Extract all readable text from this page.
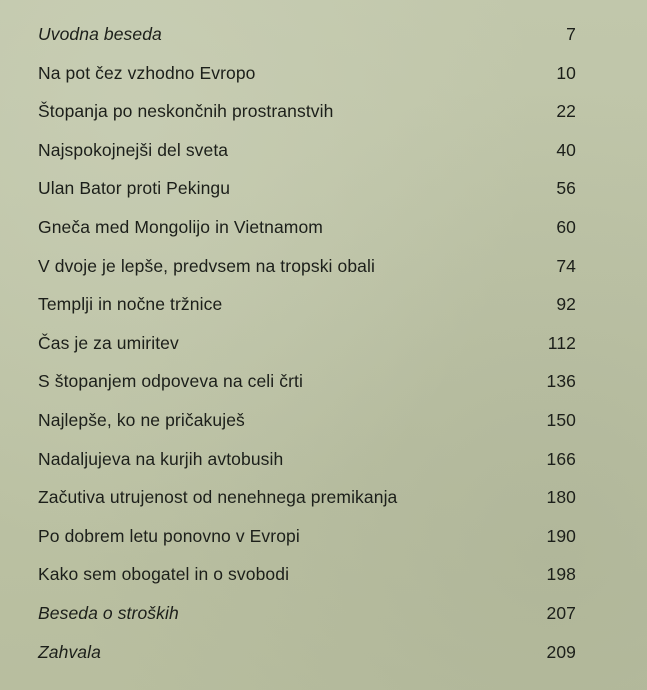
Uvodna beseda	7
Na pot čez vzhodno Evropo	10
Štopanja po neskončnih prostranstvih	22
Najspokojnejši del sveta	40
Ulan Bator proti Pekingu	56
Gneča med Mongolijo in Vietnamom	60
V dvoje je lepše, predvsem na tropski obali	74
Templji in nočne tržnice	92
Čas je za umiritev	112
S štopanjem odpoveva na celi črti	136
Najlepše, ko ne pričakuješ	150
Nadaljujeva na kurjih avtobusih	166
Začutiva utrujenost od nenehnega premikanja	180
Po dobrem letu ponovno v Evropi	190
Kako sem obogatel in o svobodi	198
Beseda o stroških	207
Zahvala	209
